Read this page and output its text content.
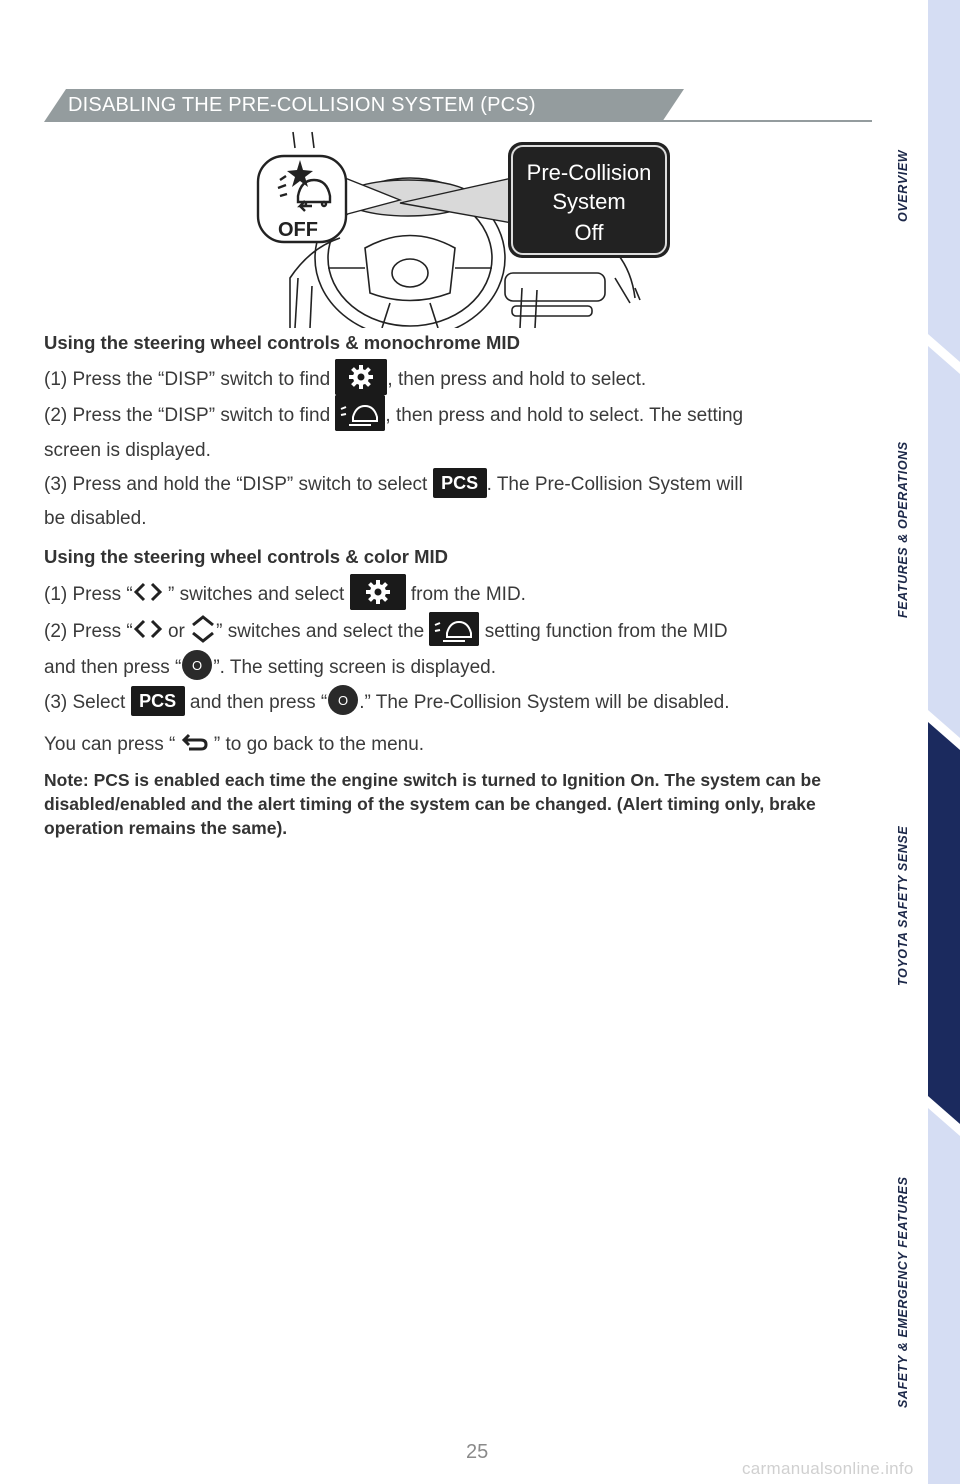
DISABLING THE PRE-COLLISION SYSTEM (PCS)
OFF
Pre-Collision
System
Off

Using the steering wheel controls & monochrome MID

(1) Press the “DISP” switch to find	, then press and hold to select.

(2) Press the “DISP” switch to find	, then press and hold to select. The setting
screen is displayed.

(3) Press and hold the “DISP” switch to select PCS . The Pre-Collision System will
be disabled.

Using the steering wheel controls & color MID

(1) Press “ ” switches and select	from the MID.

(2) Press “ or ” switches and select the	setting function from the MID
and then press “ O ”. The setting screen is displayed.

(3) Select PCS and then press “ O .” The Pre-Collision System will be disabled.

You can press “  ” to go back to the menu.

Note: PCS is enabled each time the engine switch is turned to Ignition On. The system can be disabled/enabled and the alert timing of the system can be changed. (Alert timing only, brake operation remains the same).

OVERVIEW
FEATURES & OPERATIONS
TOYOTA SAFETY SENSE
SAFETY & EMERGENCY FEATURES
25
carmanualsonline.info
